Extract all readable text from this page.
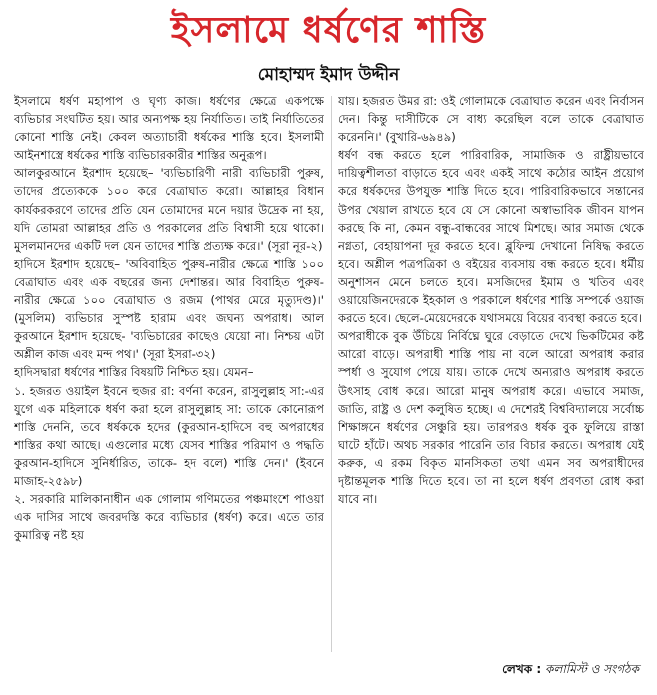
ইসলামে ধর্ষণের শাস্তি
মোহাম্মদ ইমাদ উদ্দীন

ইসলামে ধর্ষণ মহাপাপ ও ঘৃণ্য কাজ। ধর্ষণের ক্ষেত্রে একপক্ষে ব্যভিচার সংঘটিত হয়। আর অন্যপক্ষ হয় নির্যাতিত। তাই নির্যাতিতের কোনো শাস্তি নেই। কেবল অত্যাচারী ধর্ষকের শাস্তি হবে। ইসলামী আইনশাস্ত্রে ধর্ষকের শাস্তি ব্যভিচারকারীর শাস্তির অনুরূপ।

আলকুরআনে ইরশাদ হয়েছে– 'ব্যভিচারিণী নারী ব্যভিচারী পুরুষ, তাদের প্রত্যেককে ১০০ করে বেত্রাঘাত করো। আল্লাহর বিধান কার্যকরকরণে তাদের প্রতি যেন তোমাদের মনে দয়ার উদ্রেক না হয়, যদি তোমরা আল্লাহর প্রতি ও পরকালের প্রতি বিশ্বাসী হয়ে থাকো। মুসলমানদের একটি দল যেন তাদের শাস্তি প্রত্যক্ষ করে।' (সূরা নূর-২)

হাদিসে ইরশাদ হয়েছে– 'অবিবাহিত পুরুষ-নারীর ক্ষেত্রে শাস্তি ১০০ বেত্রাঘাত এবং এক বছরের জন্য দেশান্তর। আর বিবাহিত পুরুষ-নারীর ক্ষেত্রে ১০০ বেত্রাঘাত ও রজম (পাথর মেরে মৃত্যুদণ্ড)।' (মুসলিম) ব্যভিচার সুস্পষ্ট হারাম এবং জঘন্য অপরাধ। আল কুরআনে ইরশাদ হয়েছে- 'ব্যভিচারের কাছেও যেয়ো না। নিশ্চয় এটা অশ্লীল কাজ এবং মন্দ পথ।' (সূরা ইসরা-৩২)

হাদিসদ্বারা ধর্ষণের শাস্তির বিষয়টি নিশ্চিত হয়। যেমন–

১. হজরত ওয়াইল ইবনে হুজর রা: বর্ণনা করেন, রাসুলুল্লাহ সা:-এর যুগে এক মহিলাকে ধর্ষণ করা হলে রাসুলুল্লাহ সা: তাকে কোনোরূপ শাস্তি দেননি, তবে ধর্ষককে হদের (কুরআন-হাদিসে বহু অপরাধের শাস্তির কথা আছে। এগুলোর মধ্যে যেসব শাস্তির পরিমাণ ও পদ্ধতি কুরআন-হাদিসে সুনির্ধারিত, তাকে- হদ বলে) শাস্তি দেন।' (ইবনে মাজাহ-২৫৯৮)

২. সরকারি মালিকানাধীন এক গোলাম গণিমতের পঞ্চমাংশে পাওয়া এক দাসির সাথে জবরদস্তি করে ব্যভিচার (ধর্ষণ) করে। এতে তার কুমারিত্ব নষ্ট হয়

যায়। হজরত উমর রা: ওই গোলামকে বেত্রাঘাত করেন এবং নির্বাসন দেন। কিন্তু দাসীটিকে সে বাধ্য করেছিল বলে তাকে বেত্রাঘাত করেননি।' (বুখারি-৬৯৪৯)

ধর্ষণ বন্ধ করতে হলে পারিবারিক, সামাজিক ও রাষ্ট্রীয়ভাবে দায়িত্বশীলতা বাড়াতে হবে এবং একই সাথে কঠোর আইন প্রয়োগ করে ধর্ষকদের উপযুক্ত শাস্তি দিতে হবে। পারিবারিকভাবে সন্তানের উপর খেয়াল রাখতে হবে যে সে কোনো অস্বাভাবিক জীবন যাপন করছে কি না, কেমন বন্ধু-বান্ধবের সাথে মিশছে। আর সমাজ থেকে নগ্নতা, বেহায়াপনা দূর করতে হবে। ব্লুফিল্ম দেখানো নিষিদ্ধ করতে হবে। অশ্লীল পত্রপত্রিকা ও বইয়ের ব্যবসায় বন্ধ করতে হবে। ধর্মীয় অনুশাসন মেনে চলতে হবে। মসজিদের ইমাম ও খতিব এবং ওয়ায়েজিনদেরকে ইহকাল ও পরকালে ধর্ষণের শাস্তি সম্পর্কে ওয়াজ করতে হবে। ছেলে-মেয়েদেরকে যথাসময়ে বিয়ের ব্যবস্থা করতে হবে।

অপরাধীকে বুক উঁচিয়ে নির্বিঘ্নে ঘুরে বেড়াতে দেখে ভিকটিমের কষ্ট আরো বাড়ে। অপরাধী শাস্তি পায় না বলে আরো অপরাধ করার স্পর্ধা ও সুযোগ পেয়ে যায়। তাকে দেখে অন্যরাও অপরাধ করতে উৎসাহ বোধ করে। আরো মানুষ অপরাধ করে। এভাবে সমাজ, জাতি, রাষ্ট্র ও দেশ কলুষিত হচ্ছে। এ দেশেরই বিশ্ববিদ্যালয়ে সর্বোচ্চ শিক্ষাঙ্গনে ধর্ষণের সেঞ্চুরি হয়। তারপরও ধর্ষক বুক ফুলিয়ে রাস্তা ঘাটে হাঁটে। অথচ সরকার পারেনি তার বিচার করতে। অপরাধ যেই করুক, এ রকম বিকৃত মানসিকতা তথা এমন সব অপরাধীদের দৃষ্টান্তমূলক শাস্তি দিতে হবে। তা না হলে ধর্ষণ প্রবণতা রোধ করা যাবে না।

লেখক : কলামিস্ট ও সংগঠক
